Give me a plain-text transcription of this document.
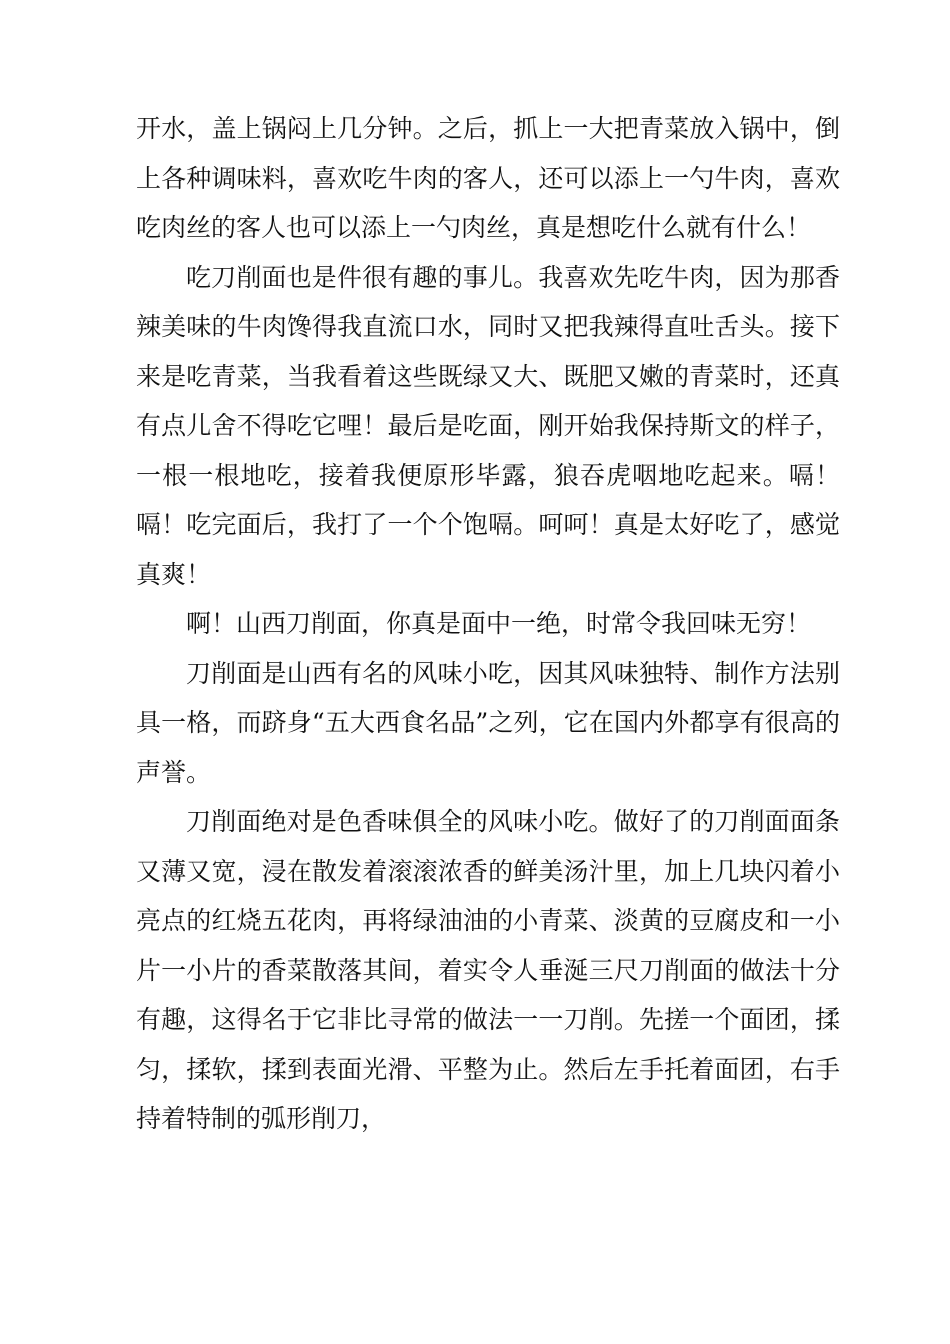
开水，盖上锅闷上几分钟。之后，抓上一大把青菜放入锅中，倒上各种调味料，喜欢吃牛肉的客人，还可以添上一勺牛肉，喜欢吃肉丝的客人也可以添上一勺肉丝，真是想吃什么就有什么！

吃刀削面也是件很有趣的事儿。我喜欢先吃牛肉，因为那香辣美味的牛肉馋得我直流口水，同时又把我辣得直吐舌头。接下来是吃青菜，当我看着这些既绿又大、既肥又嫩的青菜时，还真有点儿舍不得吃它哩！最后是吃面，刚开始我保持斯文的样子，一根一根地吃，接着我便原形毕露，狼吞虎咽地吃起来。嗝！嗝！吃完面后，我打了一个个饱嗝。呵呵！真是太好吃了，感觉真爽！

啊！山西刀削面，你真是面中一绝，时常令我回味无穷！

刀削面是山西有名的风味小吃，因其风味独特、制作方法别具一格，而跻身“五大西食名品”之列，它在国内外都享有很高的声誉。

刀削面绝对是色香味俱全的风味小吃。做好了的刀削面面条又薄又宽，浸在散发着滚滚浓香的鲜美汤汁里，加上几块闪着小亮点的红烧五花肉，再将绿油油的小青菜、淡黄的豆腐皮和一小片一小片的香菜散落其间，着实令人垂涎三尺刀削面的做法十分有趣，这得名于它非比寻常的做法一一刀削。先搓一个面团，揉匀，揉软，揉到表面光滑、平整为止。然后左手托着面团，右手持着特制的弧形削刀，
